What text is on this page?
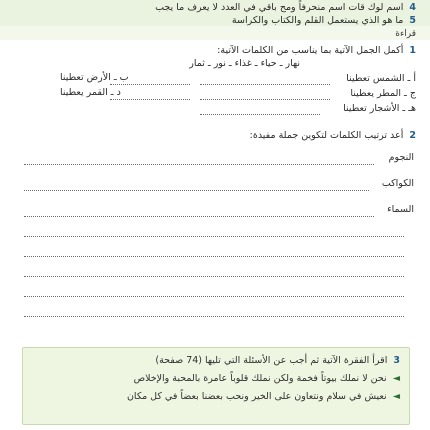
4 اسم لوك قات اسم منحرفاً ومح باقي في العدد لا يعرف ما يجب
5 ما هو الذي يستعمل القلم والكتاب والكراسة
قراءة
1 أكمل الجمل الآتية بما يناسب من الكلمات الآتية:
نهار ـ حياء ـ غذاء ـ نور ـ ثمار
أ ـ الشمس تعطينا
ب ـ الأرض تعطينا
ج ـ المطر يعطينا
د ـ القمر يعطينا
هـ ـ الأشجار تعطينا
2 أعد ترتيب الكلمات لتكوين جملة مفيدة:
النجوم
الكواكب
السماء
3 اقرأ الفقرة الآتية ثم أجب عن الأسئلة التي تليها (74 صفحة)
◄ نحن لا نملك بيوتاً فخمة ولكن نملك قلوباً عامرة بالمحبة والإخلاص
◄ نعيش في سلام ونتعاون على الخير ونحب بعضنا بعضاً في كل مكان
